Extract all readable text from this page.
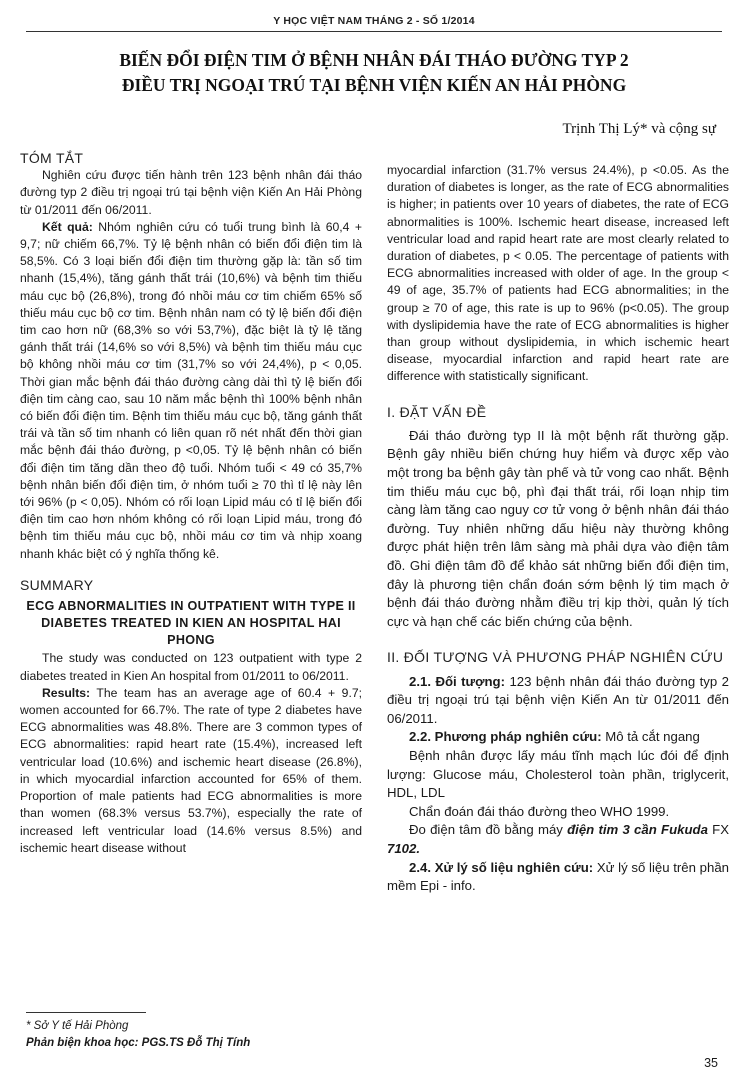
Y HỌC VIỆT NAM THÁNG 2 - SỐ 1/2014
BIẾN ĐỔI ĐIỆN TIM Ở BỆNH NHÂN ĐÁI THÁO ĐƯỜNG TYP 2
ĐIỀU TRỊ NGOẠI TRÚ TẠI BỆNH VIỆN KIẾN AN HẢI PHÒNG
Trịnh Thị Lý* và cộng sự
TÓM TẮT

Nghiên cứu được tiến hành trên 123 bệnh nhân đái tháo đường typ 2 điều trị ngoại trú tại bệnh viện Kiến An Hải Phòng từ 01/2011 đến 06/2011.

Kết quả: Nhóm nghiên cứu có tuổi trung bình là 60,4 + 9,7; nữ chiếm 66,7%. Tỷ lệ bệnh nhân có biến đổi điện tim là 58,5%. Có 3 loại biến đổi điện tim thường gặp là: tần số tim nhanh (15,4%), tăng gánh thất trái (10,6%) và bệnh tim thiếu máu cục bộ (26,8%), trong đó nhồi máu cơ tim chiếm 65% số thiếu máu cục bộ cơ tim. Bệnh nhân nam có tỷ lệ biến đổi điện tim cao hơn nữ (68,3% so với 53,7%), đặc biệt là tỷ lệ tăng gánh thất trái (14,6% so với 8,5%) và bệnh tim thiếu máu cục bộ không nhồi máu cơ tim (31,7% so với 24,4%), p < 0,05. Thời gian mắc bệnh đái tháo đường càng dài thì tỷ lệ biến đổi điện tim càng cao, sau 10 năm mắc bệnh thì 100% bệnh nhân có biến đổi điện tim. Bệnh tim thiếu máu cục bộ, tăng gánh thất trái và tần số tim nhanh có liên quan rõ nét nhất đến thời gian mắc bệnh đái tháo đường, p <0,05. Tỷ lệ bệnh nhân có biến đổi điện tim tăng dần theo độ tuổi. Nhóm tuổi < 49 có 35,7% bệnh nhân biến đổi điện tim, ở nhóm tuổi ≥ 70 thì tỉ lệ này lên tới 96% (p < 0,05). Nhóm có rối loạn Lipid máu có tỉ lệ biến đổi điện tim cao hơn nhóm không có rối loạn Lipid máu, trong đó bệnh tim thiếu máu cục bộ, nhồi máu cơ tim và nhịp xoang nhanh khác biệt có ý nghĩa thống kê.

SUMMARY
ECG ABNORMALITIES IN OUTPATIENT WITH TYPE II DIABETES TREATED IN KIEN AN HOSPITAL HAI PHONG

The study was conducted on 123 outpatient with type 2 diabetes treated in Kien An hospital from 01/2011 to 06/2011.

Results: The team has an average age of 60.4 + 9.7; women accounted for 66.7%. The rate of type 2 diabetes have ECG abnormalities was 48.8%. There are 3 common types of ECG abnormalities: rapid heart rate (15.4%), increased left ventricular load (10.6%) and ischemic heart disease (26.8%), in which myocardial infarction accounted for 65% of them. Proportion of male patients had ECG abnormalities is more than women (68.3% versus 53.7%), especially the rate of increased left ventricular load (14.6% versus 8.5%) and ischemic heart disease without

myocardial infarction (31.7% versus 24.4%), p <0.05. As the duration of diabetes is longer, as the rate of ECG abnormalities is higher; in patients over 10 years of diabetes, the rate of ECG abnormalities is 100%. Ischemic heart disease, increased left ventricular load and rapid heart rate are most clearly related to duration of diabetes, p < 0.05. The percentage of patients with ECG abnormalities increased with older of age. In the group < 49 of age, 35.7% of patients had ECG abnormalities; in the group ≥ 70 of age, this rate is up to 96% (p<0.05). The group with dyslipidemia have the rate of ECG abnormalities is higher than group without dyslipidemia, in which ischemic heart disease, myocardial infarction and rapid heart rate are difference with statistically significant.

I. ĐẶT VẤN ĐỀ

Đái tháo đường typ II là một bệnh rất thường gặp. Bệnh gây nhiều biến chứng huy hiểm và được xếp vào một trong ba bệnh gây tàn phế và tử vong cao nhất. Bệnh tim thiếu máu cục bộ, phì đại thất trái, rối loạn nhịp tim càng làm tăng cao nguy cơ tử vong ở bệnh nhân đái tháo đường. Tuy nhiên những dấu hiệu này thường không được phát hiện trên lâm sàng mà phải dựa vào điện tâm đồ. Ghi điện tâm đồ để khảo sát những biến đổi điện tim, đây là phương tiện chẩn đoán sớm bệnh lý tim mạch ở bệnh đái tháo đường nhằm điều trị kịp thời, quản lý tích cực và hạn chế các biến chứng của bệnh.

II. ĐỐI TƯỢNG VÀ PHƯƠNG PHÁP NGHIÊN CỨU

2.1. Đối tượng: 123 bệnh nhân đái tháo đường typ 2 điều trị ngoại trú tại bệnh viện Kiến An từ 01/2011 đến 06/2011.

2.2. Phương pháp nghiên cứu: Mô tả cắt ngang

Bệnh nhân được lấy máu tĩnh mạch lúc đói để định lượng: Glucose máu, Cholesterol toàn phần, triglycerit, HDL, LDL

Chẩn đoán đái tháo đường theo WHO 1999.

Đo điện tâm đồ bằng máy điện tim 3 cần Fukuda FX 7102.

2.4. Xử lý số liệu nghiên cứu: Xử lý số liệu trên phần mềm Epi - info.

* Sở Y tế Hải Phòng
Phản biện khoa học: PGS.TS Đỗ Thị Tính
35
